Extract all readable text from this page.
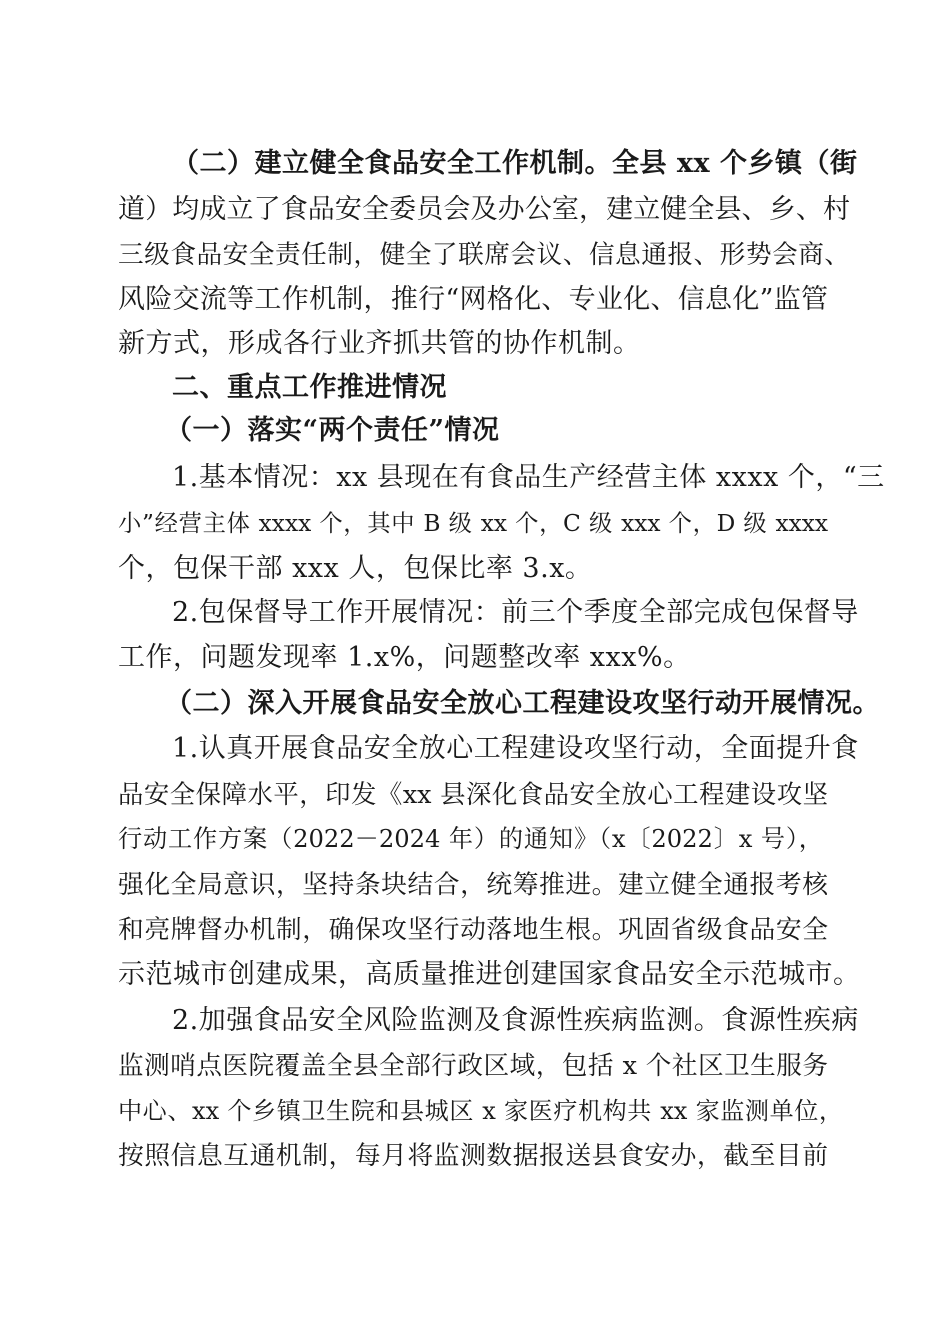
（二）建立健全食品安全工作机制。全县 xx 个乡镇（街
道）均成立了食品安全委员会及办公室，建立健全县、乡、村
三级食品安全责任制，健全了联席会议、信息通报、形势会商、
风险交流等工作机制，推行“网格化、专业化、信息化”监管
新方式，形成各行业齐抓共管的协作机制。
二、重点工作推进情况
（一）落实“两个责任”情况
1.基本情况：xx 县现在有食品生产经营主体 xxxx 个，“三
小”经营主体 xxxx 个，其中 B 级 xx 个，C 级 xxx 个，D 级 xxxx
个，包保干部 xxx 人，包保比率 3.x。
2.包保督导工作开展情况：前三个季度全部完成包保督导
工作，问题发现率 1.x%，问题整改率 xxx%。
（二）深入开展食品安全放心工程建设攻坚行动开展情况。
1.认真开展食品安全放心工程建设攻坚行动，全面提升食
品安全保障水平，印发《xx 县深化食品安全放心工程建设攻坚
行动工作方案（2022－2024 年）的通知》（x〔2022〕x 号），
强化全局意识，坚持条块结合，统筹推进。建立健全通报考核
和亮牌督办机制，确保攻坚行动落地生根。巩固省级食品安全
示范城市创建成果，高质量推进创建国家食品安全示范城市。
2.加强食品安全风险监测及食源性疾病监测。食源性疾病
监测哨点医院覆盖全县全部行政区域，包括 x 个社区卫生服务
中心、xx 个乡镇卫生院和县城区 x 家医疗机构共 xx 家监测单位，
按照信息互通机制，每月将监测数据报送县食安办，截至目前
